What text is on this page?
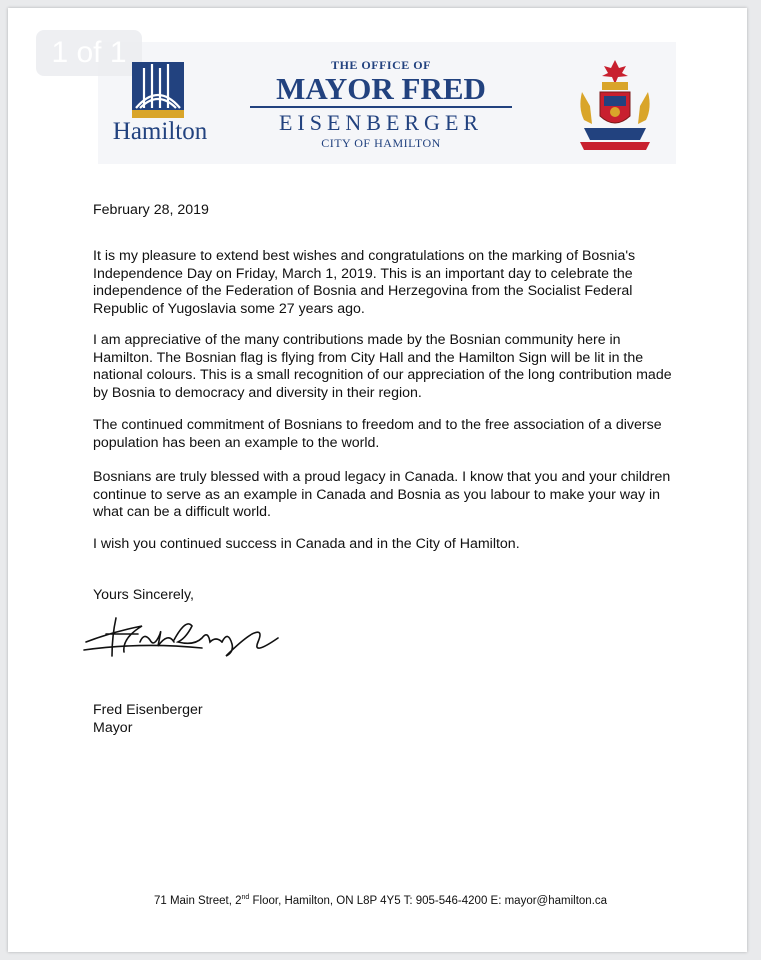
1 of 1
Hamilton
THE OFFICE OF
MAYOR FRED
EISENBERGER
CITY OF HAMILTON
February 28, 2019

It is my pleasure to extend best wishes and congratulations on the marking of Bosnia's Independence Day on Friday, March 1, 2019. This is an important day to celebrate the independence of the Federation of Bosnia and Herzegovina from the Socialist Federal Republic of Yugoslavia some 27 years ago.

I am appreciative of the many contributions made by the Bosnian community here in Hamilton. The Bosnian flag is flying from City Hall and the Hamilton Sign will be lit in the national colours. This is a small recognition of our appreciation of the long contribution made by Bosnia to democracy and diversity in their region.

The continued commitment of Bosnians to freedom and to the free association of a diverse population has been an example to the world.

Bosnians are truly blessed with a proud legacy in Canada. I know that you and your children continue to serve as an example in Canada and Bosnia as you labour to make your way in what can be a difficult world.

I wish you continued success in Canada and in the City of Hamilton.

Yours Sincerely,

Fred Eisenberger

Mayor

71 Main Street, 2nd Floor, Hamilton, ON L8P 4Y5 T: 905-546-4200 E: mayor@hamilton.ca
